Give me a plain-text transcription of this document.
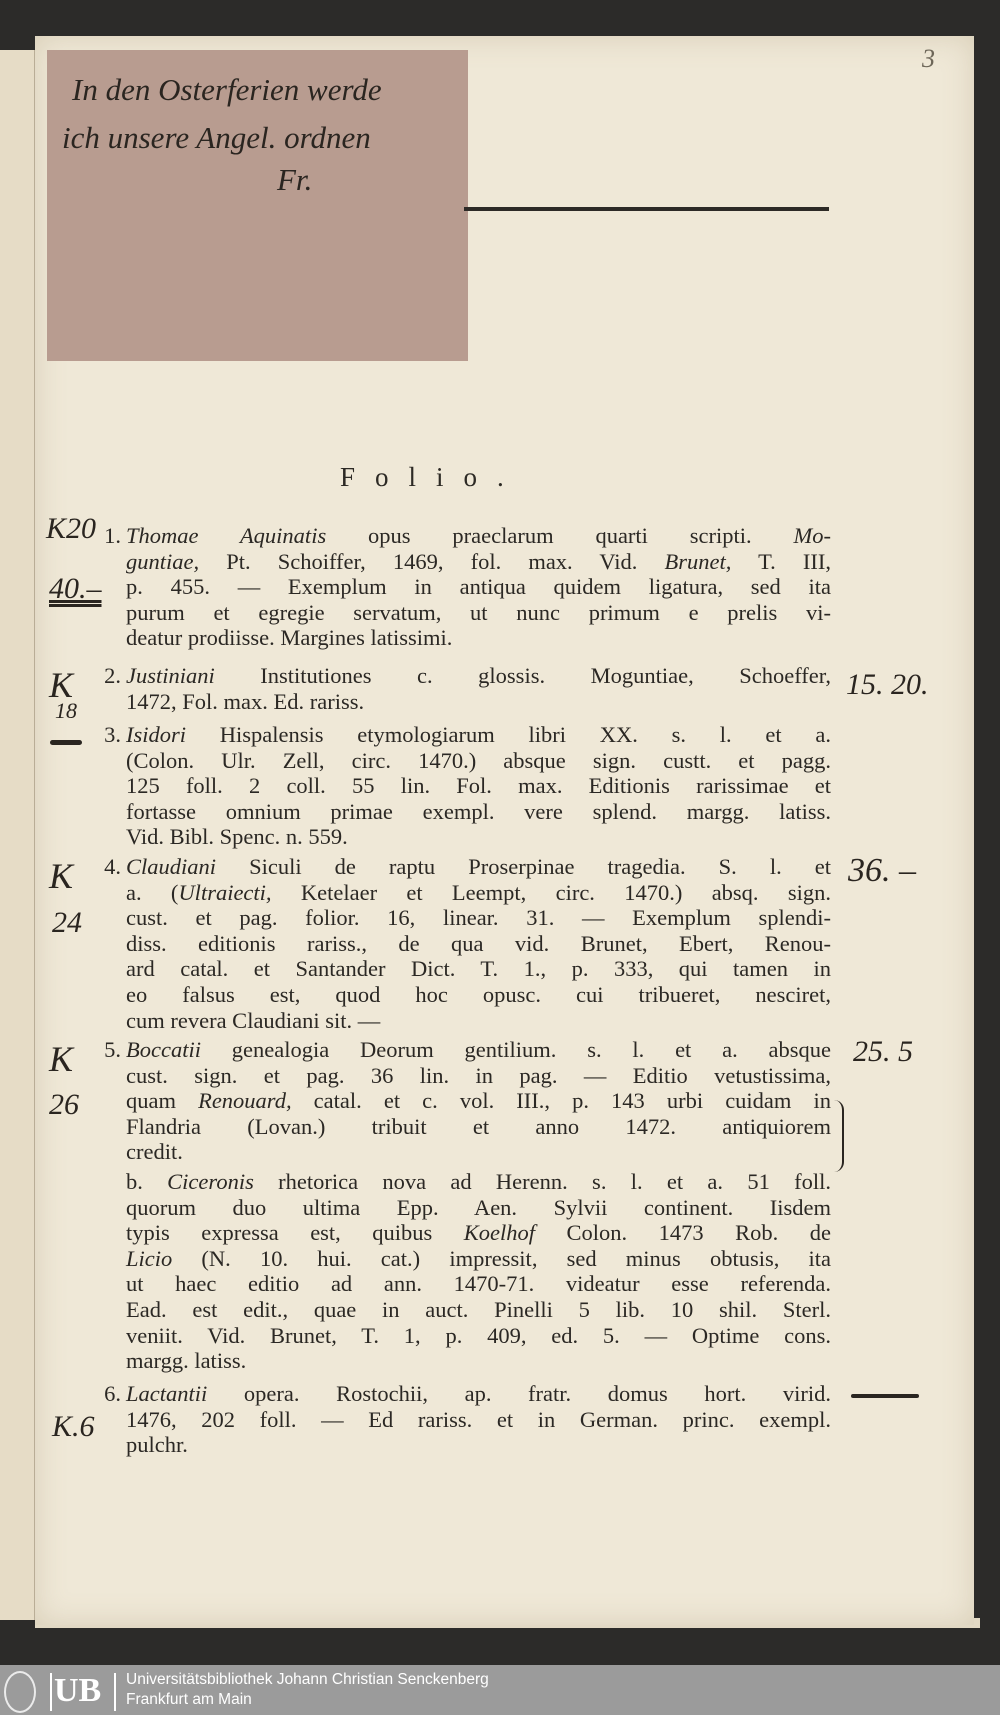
In den Osterferien werde
ich unsere Angel. ordnen
Fr.
3
Folio.
1. Thomae Aquinatis opus praeclarum quarti scripti. Mo-
guntiae, Pt. Schoiffer, 1469, fol. max. Vid. Brunet, T. III,
p. 455. — Exemplum in antiqua quidem ligatura, sed ita
purum et egregie servatum, ut nunc primum e prelis vi-
deatur prodiisse. Margines latissimi.
2. Justiniani Institutiones c. glossis. Moguntiae, Schoeffer,
1472, Fol. max. Ed. rariss.
3. Isidori Hispalensis etymologiarum libri XX. s. l. et a.
(Colon. Ulr. Zell, circ. 1470.) absque sign. custt. et pagg.
125 foll. 2 coll. 55 lin. Fol. max. Editionis rarissimae et
fortasse omnium primae exempl. vere splend. margg. latiss.
Vid. Bibl. Spenc. n. 559.
4. Claudiani Siculi de raptu Proserpinae tragedia. S. l. et
a. (Ultraiecti, Ketelaer et Leempt, circ. 1470.) absq. sign.
cust. et pag. folior. 16, linear. 31. — Exemplum splendi-
diss. editionis rariss., de qua vid. Brunet, Ebert, Renou-
ard catal. et Santander Dict. T. 1., p. 333, qui tamen in
eo falsus est, quod hoc opusc. cui tribueret, nesciret,
cum revera Claudiani sit. —
5. Boccatii genealogia Deorum gentilium. s. l. et a. absque
cust. sign. et pag. 36 lin. in pag. — Editio vetustissima,
quam Renouard, catal. et c. vol. III., p. 143 urbi cuidam in
Flandria (Lovan.) tribuit et anno 1472. antiquiorem
credit.
b. Ciceronis rhetorica nova ad Herenn. s. l. et a. 51 foll.
quorum duo ultima Epp. Aen. Sylvii continent. Iisdem
typis expressa est, quibus Koelhof Colon. 1473 Rob. de
Licio (N. 10. hui. cat.) impressit, sed minus obtusis, ita
ut haec editio ad ann. 1470-71. videatur esse referenda.
Ead. est edit., quae in auct. Pinelli 5 lib. 10 shil. Sterl.
veniit. Vid. Brunet, T. 1, p. 409, ed. 5. — Optime cons.
margg. latiss.
6. Lactantii opera. Rostochii, ap. fratr. domus hort. virid.
1476, 202 foll. — Ed rariss. et in German. princ. exempl.
pulchr.
K20
40.–
K
18
K
24
K
26
K.6
15. 20.
36. –
25. 5
UB Universitätsbibliothek Johann Christian Senckenberg
Frankfurt am Main
